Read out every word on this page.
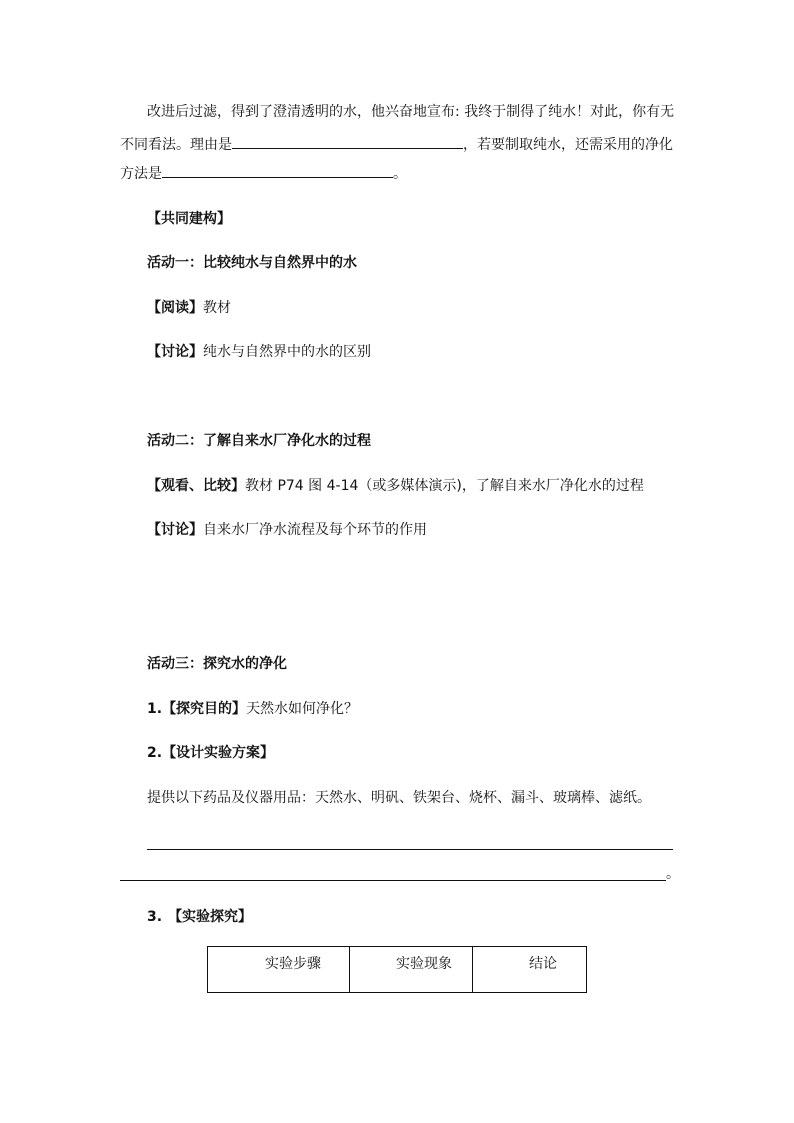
改进后过滤，得到了澄清透明的水，他兴奋地宣布: 我终于制得了纯水！对此，你有无
不同看法。理由是	，若要制取纯水，还需采用的净化
方法是	。
【共同建构】
活动一：比较纯水与自然界中的水
【阅读】教材
【讨论】纯水与自然界中的水的区别
活动二：了解自来水厂净化水的过程
【观看、比较】教材 P74 图 4-14（或多媒体演示)，了解自来水厂净化水的过程
【讨论】自来水厂净水流程及每个环节的作用
活动三：探究水的净化
1.【探究目的】天然水如何净化？
2.【设计实验方案】
提供以下药品及仪器用品：天然水、明矾、铁架台、烧杯、漏斗、玻璃棒、滤纸。
。
3. 【实验探究】
实验步骤	实验现象	结论
